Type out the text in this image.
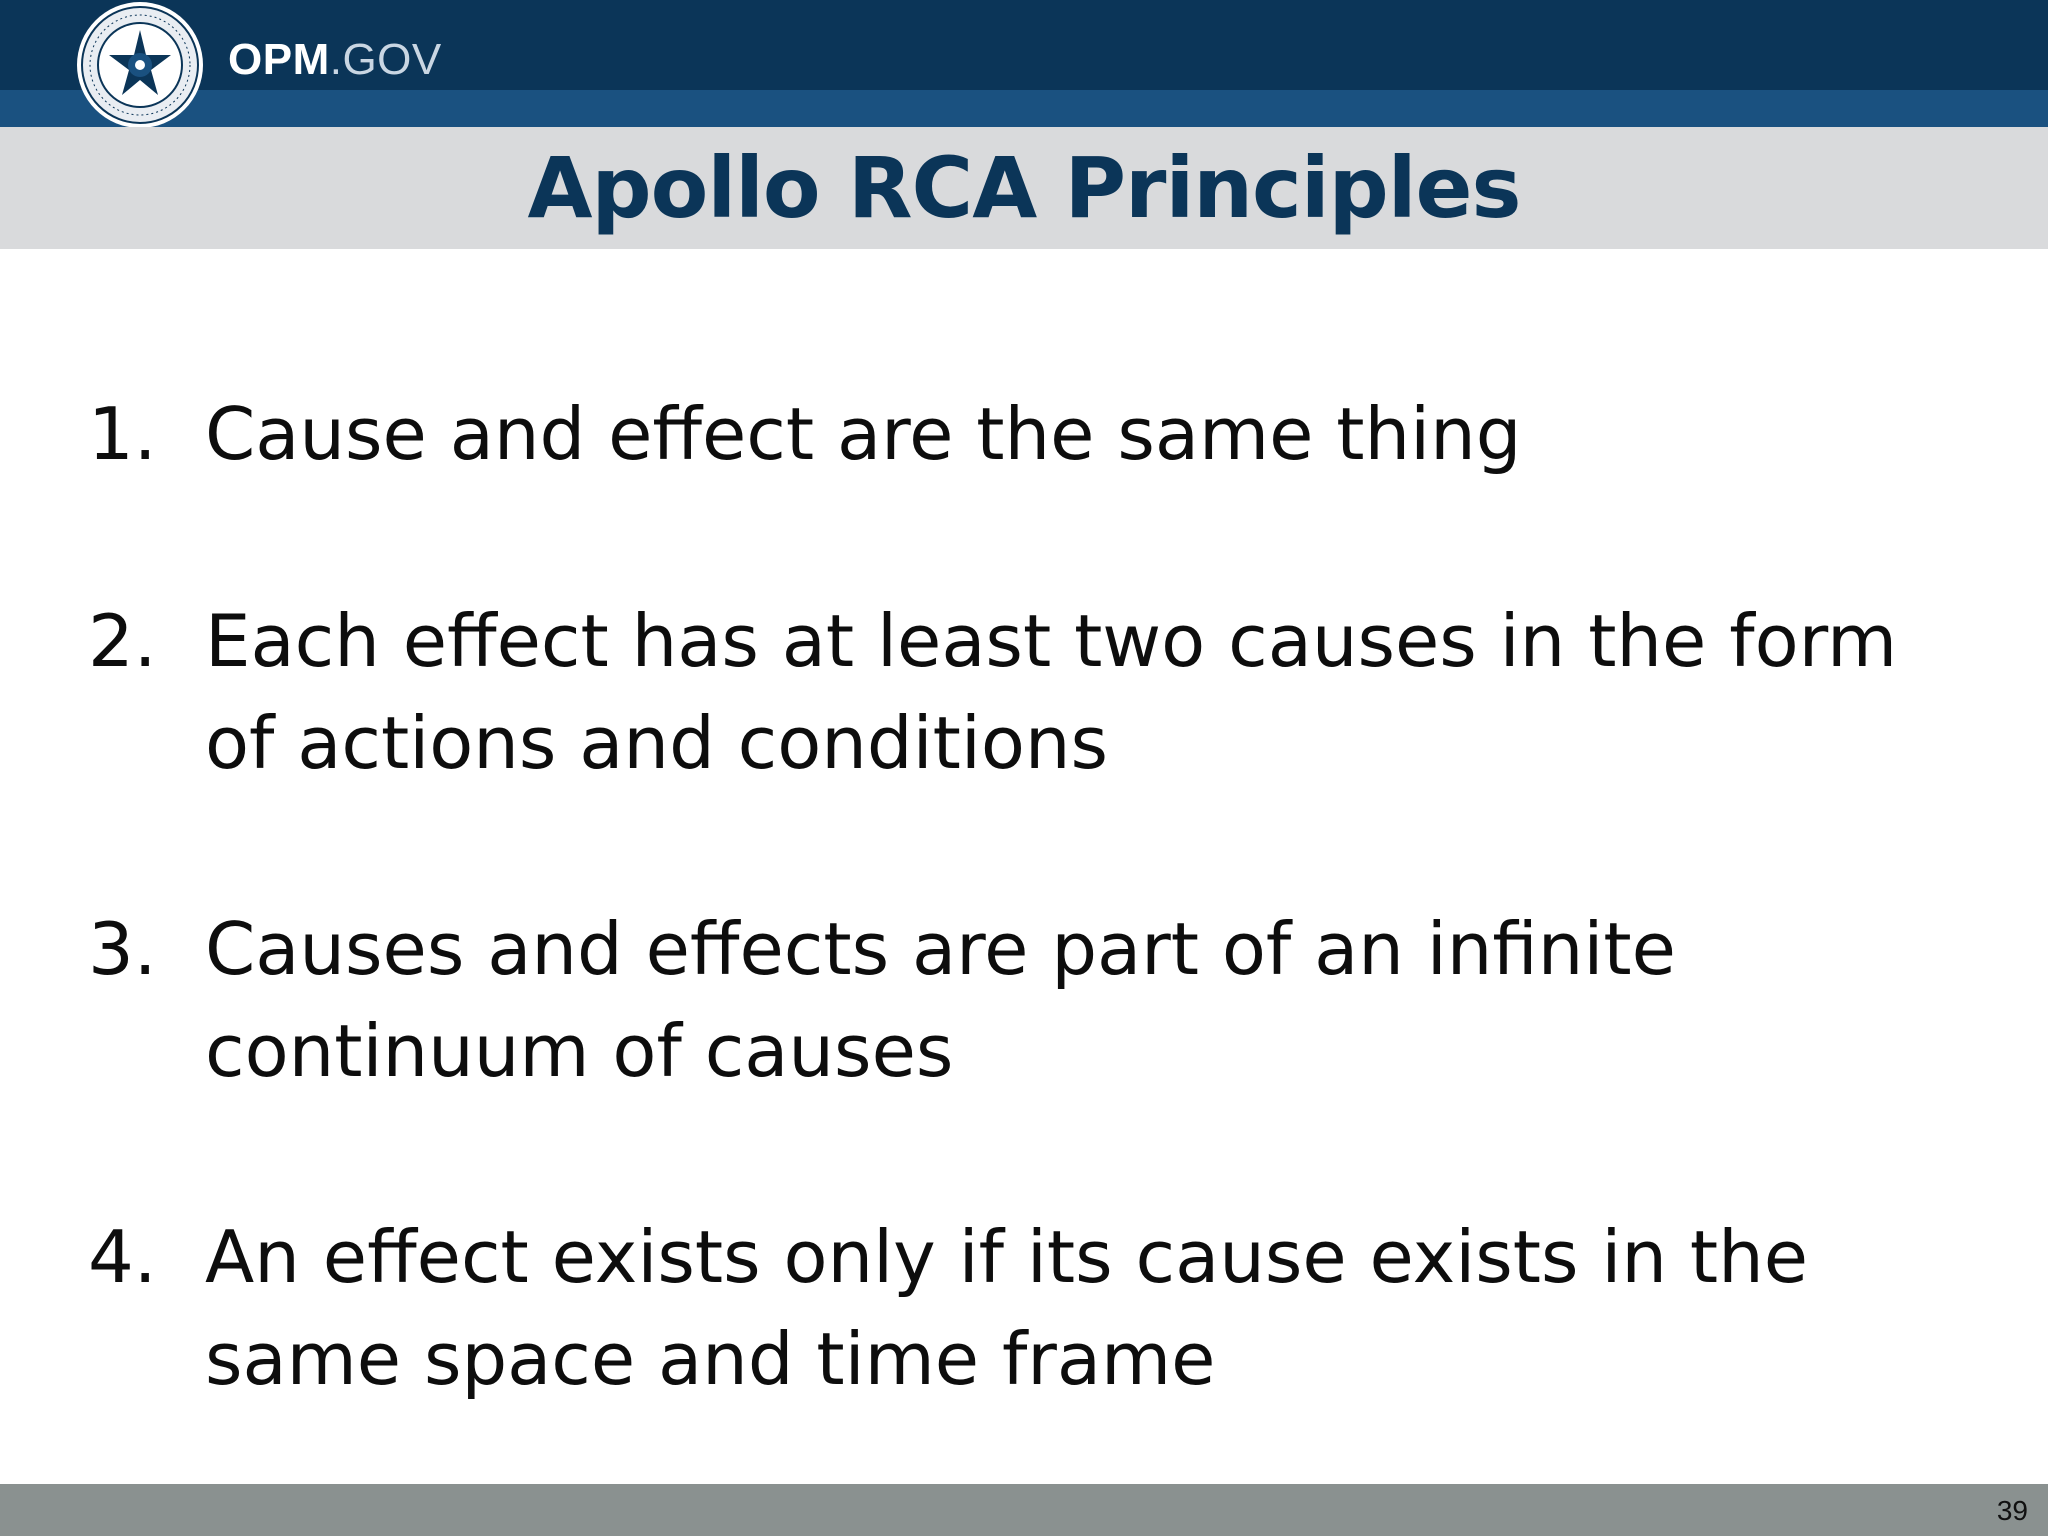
OPM.GOV
Apollo RCA Principles
1. Cause and effect are the same thing
2. Each effect has at least two causes in the form of actions and conditions
3. Causes and effects are part of an infinite continuum of causes
4. An effect exists only if its cause exists in the same space and time frame
39
